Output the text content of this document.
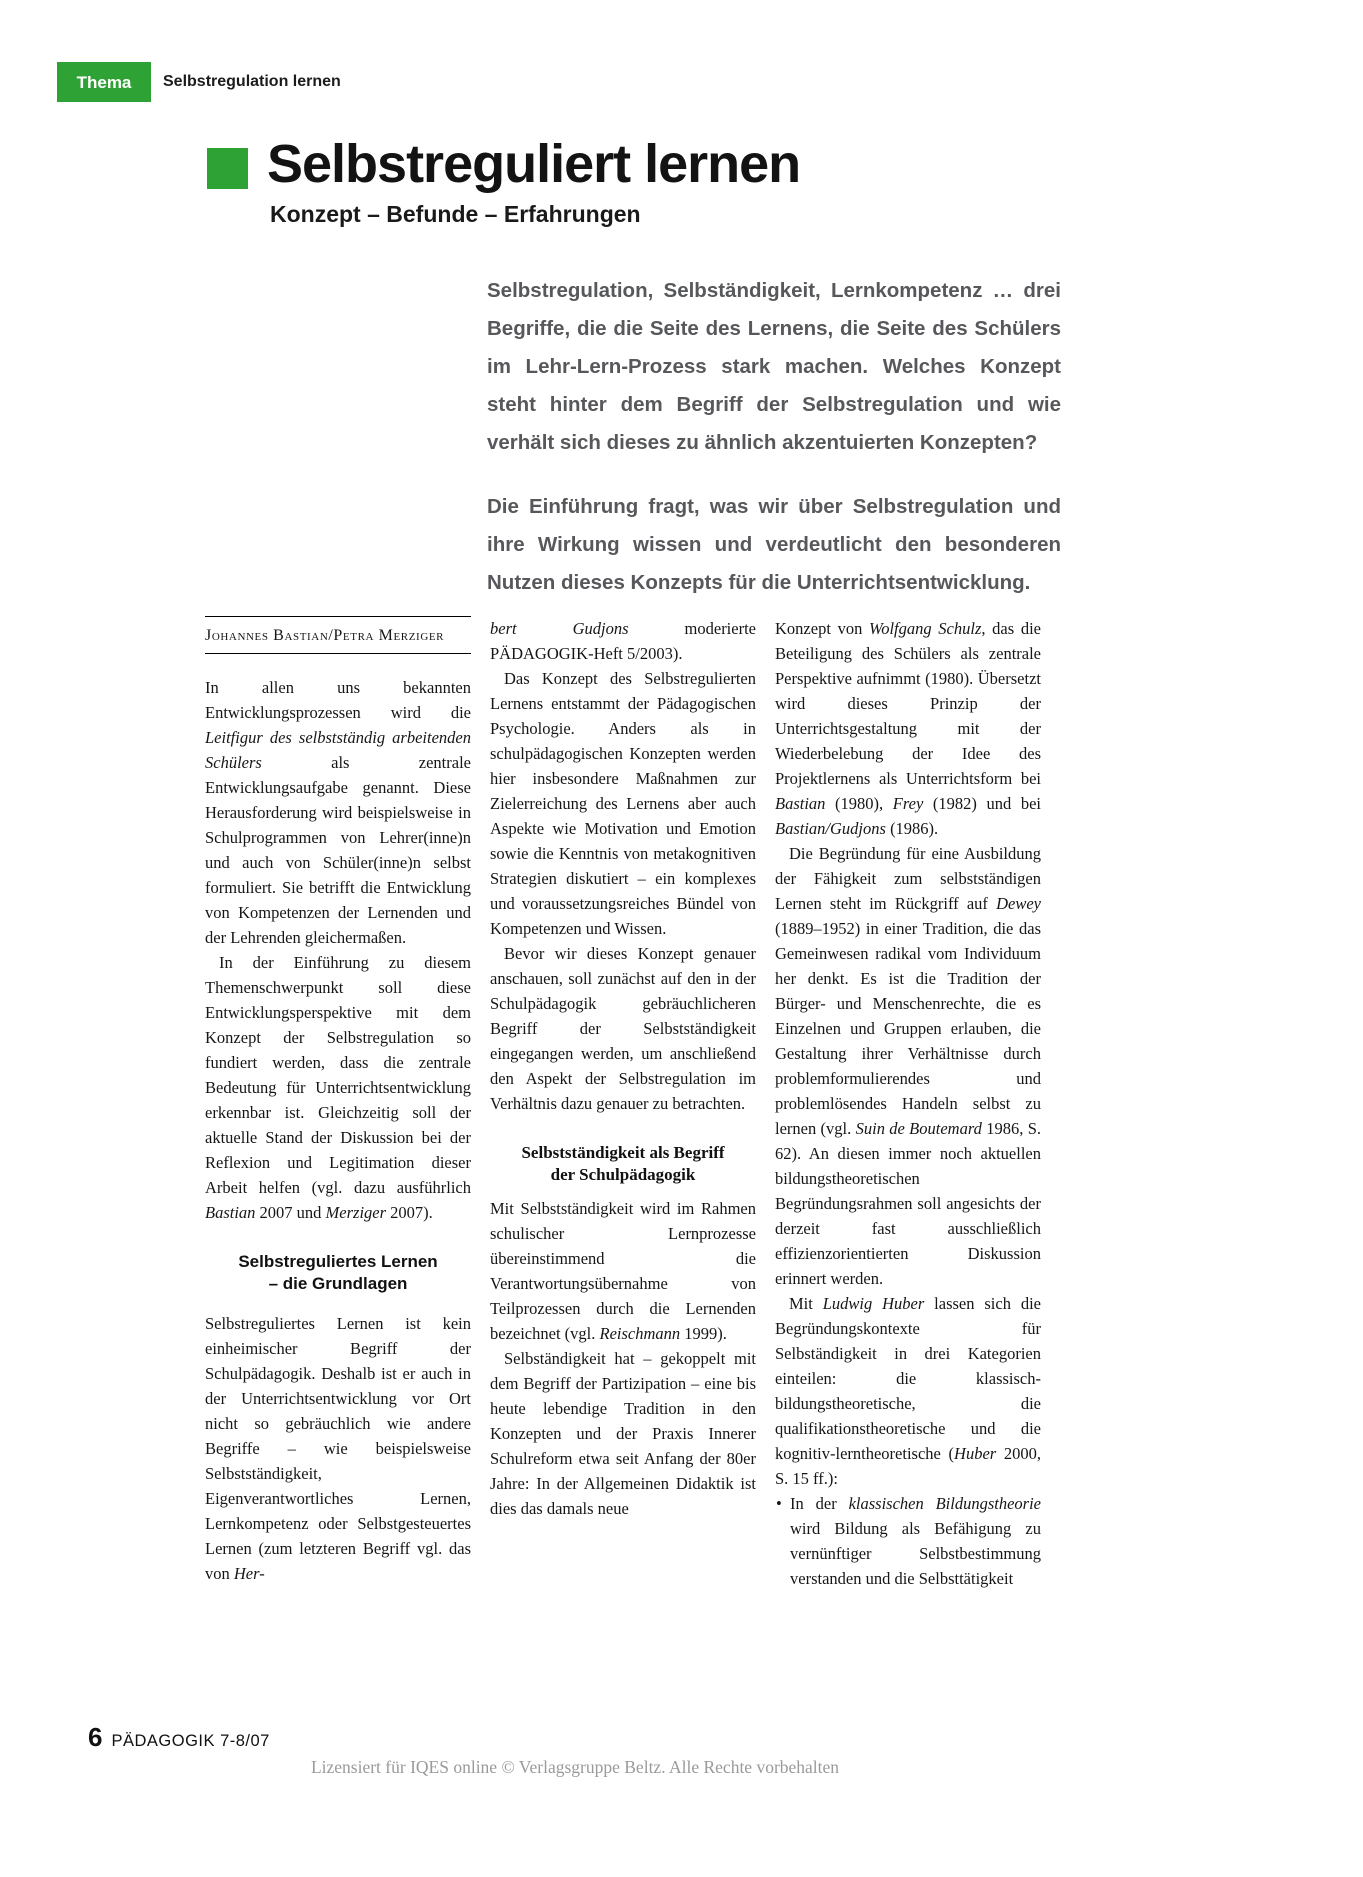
Thema Selbstregulation lernen
Selbstreguliert lernen
Konzept – Befunde – Erfahrungen

Selbstregulation, Selbständigkeit, Lernkompetenz … drei Begriffe, die die Seite des Lernens, die Seite des Schülers im Lehr-Lern-Prozess stark machen. Welches Konzept steht hinter dem Begriff der Selbstregulation und wie verhält sich dieses zu ähnlich akzentuierten Konzepten?

Die Einführung fragt, was wir über Selbstregulation und ihre Wirkung wissen und verdeutlicht den besonderen Nutzen dieses Konzepts für die Unterrichtsentwicklung.

Johannes Bastian/Petra Merziger

In allen uns bekannten Entwicklungsprozessen wird die Leitfigur des selbstständig arbeitenden Schülers als zentrale Entwicklungsaufgabe genannt. Diese Herausforderung wird beispielsweise in Schulprogrammen von Lehrer(inne)n und auch von Schüler(inne)n selbst formuliert. Sie betrifft die Entwicklung von Kompetenzen der Lernenden und der Lehrenden gleichermaßen.

In der Einführung zu diesem Themenschwerpunkt soll diese Entwicklungsperspektive mit dem Konzept der Selbstregulation so fundiert werden, dass die zentrale Bedeutung für Unterrichtsentwicklung erkennbar ist. Gleichzeitig soll der aktuelle Stand der Diskussion bei der Reflexion und Legitimation dieser Arbeit helfen (vgl. dazu ausführlich Bastian 2007 und Merziger 2007).

Selbstreguliertes Lernen
– die Grundlagen

Selbstreguliertes Lernen ist kein einheimischer Begriff der Schulpädagogik. Deshalb ist er auch in der Unterrichtsentwicklung vor Ort nicht so gebräuchlich wie andere Begriffe – wie beispielsweise Selbstständigkeit, Eigenverantwortliches Lernen, Lernkompetenz oder Selbstgesteuertes Lernen (zum letzteren Begriff vgl. das von Her-

bert Gudjons moderierte PÄDAGOGIK-Heft 5/2003).

Das Konzept des Selbstregulierten Lernens entstammt der Pädagogischen Psychologie. Anders als in schulpädagogischen Konzepten werden hier insbesondere Maßnahmen zur Zielerreichung des Lernens aber auch Aspekte wie Motivation und Emotion sowie die Kenntnis von metakognitiven Strategien diskutiert – ein komplexes und voraussetzungsreiches Bündel von Kompetenzen und Wissen.

Bevor wir dieses Konzept genauer anschauen, soll zunächst auf den in der Schulpädagogik gebräuchlicheren Begriff der Selbstständigkeit eingegangen werden, um anschließend den Aspekt der Selbstregulation im Verhältnis dazu genauer zu betrachten.

Selbstständigkeit als Begriff
der Schulpädagogik

Mit Selbstständigkeit wird im Rahmen schulischer Lernprozesse übereinstimmend die Verantwortungsübernahme von Teilprozessen durch die Lernenden bezeichnet (vgl. Reischmann 1999).

Selbständigkeit hat – gekoppelt mit dem Begriff der Partizipation – eine bis heute lebendige Tradition in den Konzepten und der Praxis Innerer Schulreform etwa seit Anfang der 80er Jahre: In der Allgemeinen Didaktik ist dies das damals neue

Konzept von Wolfgang Schulz, das die Beteiligung des Schülers als zentrale Perspektive aufnimmt (1980). Übersetzt wird dieses Prinzip der Unterrichtsgestaltung mit der Wiederbelebung der Idee des Projektlernens als Unterrichtsform bei Bastian (1980), Frey (1982) und bei Bastian/Gudjons (1986).

Die Begründung für eine Ausbildung der Fähigkeit zum selbstständigen Lernen steht im Rückgriff auf Dewey (1889–1952) in einer Tradition, die das Gemeinwesen radikal vom Individuum her denkt. Es ist die Tradition der Bürger- und Menschenrechte, die es Einzelnen und Gruppen erlauben, die Gestaltung ihrer Verhältnisse durch problemformulierendes und problemlösendes Handeln selbst zu lernen (vgl. Suin de Boutemard 1986, S. 62). An diesen immer noch aktuellen bildungstheoretischen Begründungsrahmen soll angesichts der derzeit fast ausschließlich effizienzorientierten Diskussion erinnert werden.

Mit Ludwig Huber lassen sich die Begründungskontexte für Selbständigkeit in drei Kategorien einteilen: die klassisch-bildungstheoretische, die qualifikationstheoretische und die kognitiv-lerntheoretische (Huber 2000, S. 15 ff.):

• In der klassischen Bildungstheorie wird Bildung als Befähigung zu vernünftiger Selbstbestimmung verstanden und die Selbsttätigkeit

6 PÄDAGOGIK 7-8/07
Lizensiert für IQES online © Verlagsgruppe Beltz. Alle Rechte vorbehalten
